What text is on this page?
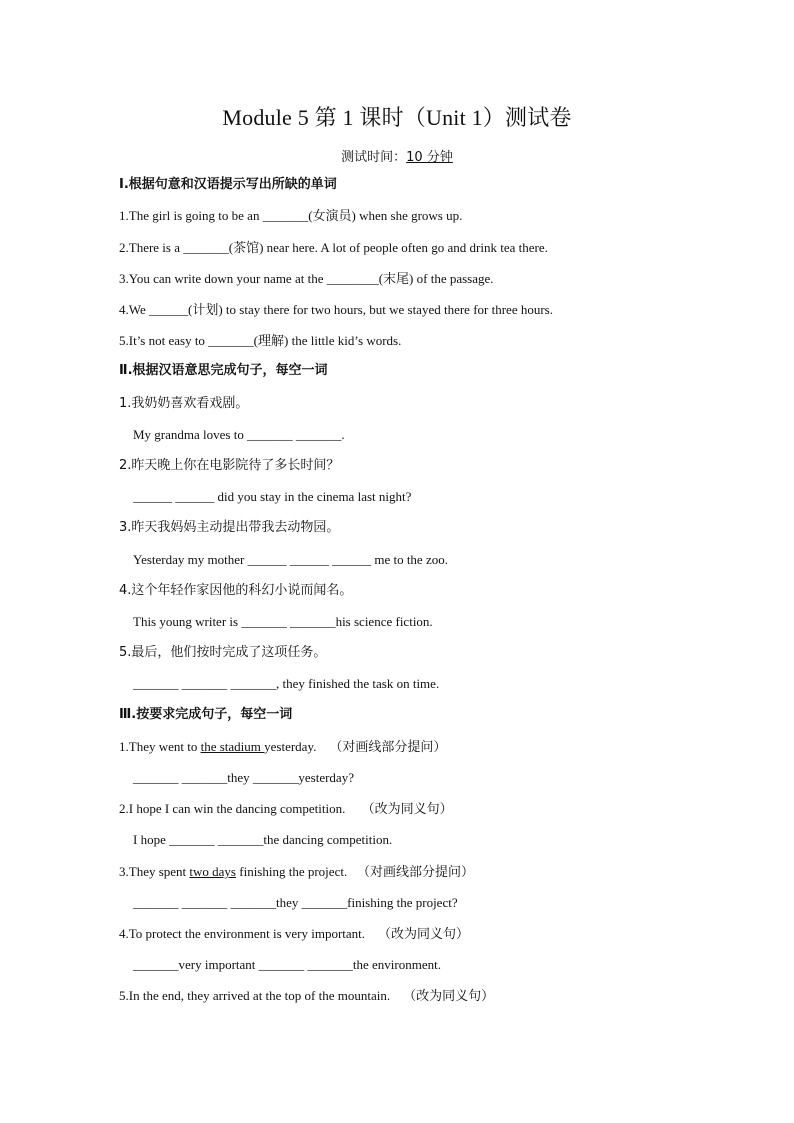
Module 5 第 1 课时（Unit 1）测试卷
测试时间：10 分钟
Ⅰ.根据句意和汉语提示写出所缺的单词
1.The girl is going to be an _______(女演员) when she grows up.
2.There is a _______(茶馆) near here. A lot of people often go and drink tea there.
3.You can write down your name at the ________(末尾) of the passage.
4.We ______(计划) to stay there for two hours, but we stayed there for three hours.
5.It’s not easy to _______(理解) the little kid’s words.
Ⅱ.根据汉语意思完成句子，每空一词
1.我奶奶喜欢看戏剧。
My grandma loves to _______ _______.
2.昨天晚上你在电影院待了多长时间？
______ ______ did you stay in the cinema last night?
3.昨天我妈妈主动提出带我去动物园。
Yesterday my mother ______ ______ ______ me to the zoo.
4.这个年轻作家因他的科幻小说而闻名。
This young writer is _______ _______his science fiction.
5.最后，他们按时完成了这项任务。
_______ _______ _______, they finished the task on time.
Ⅲ.按要求完成句子，每空一词
1.They went to the stadium yesterday. （对画线部分提问）
_______ _______they _______yesterday?
2.I hope I can win the dancing competition. （改为同义句）
I hope _______ _______the dancing competition.
3.They spent two days finishing the project. （对画线部分提问）
_______ _______ _______they _______finishing the project?
4.To protect the environment is very important. （改为同义句）
_______very important _______ _______the environment.
5.In the end, they arrived at the top of the mountain. （改为同义句）
